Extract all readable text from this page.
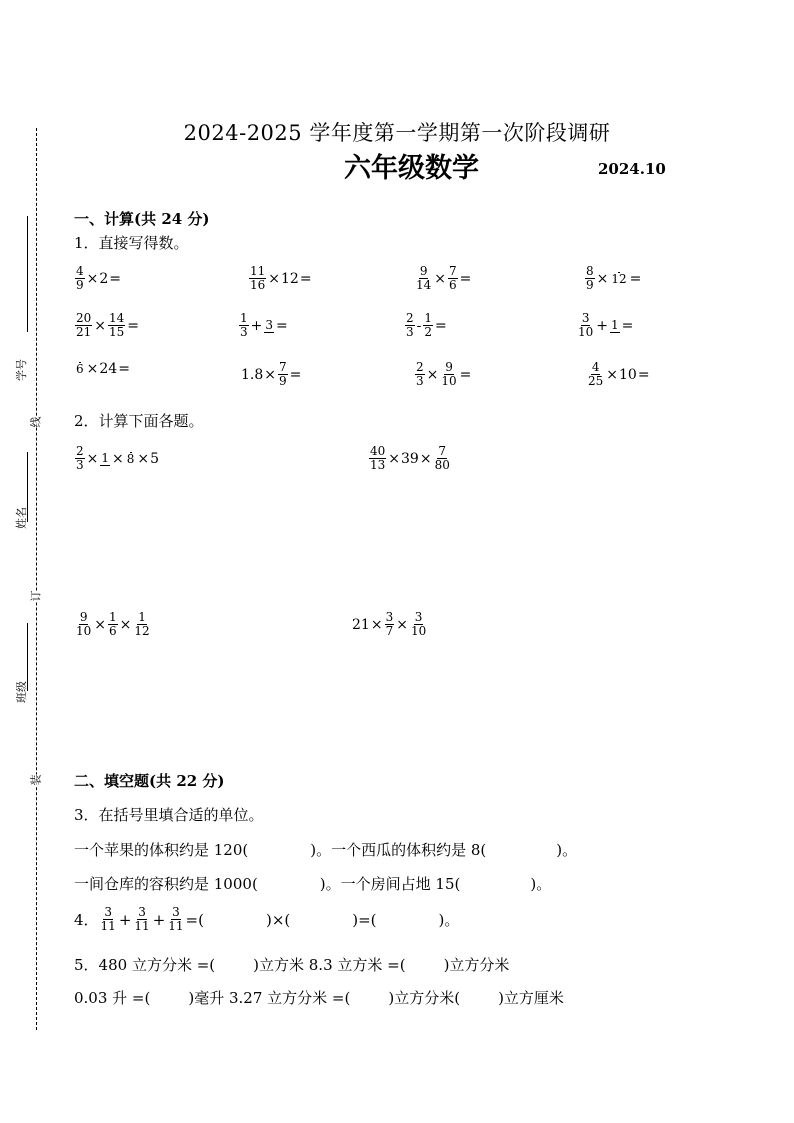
学号
姓名
班级
线
订
装
2024-2025 学年度第一学期第一次阶段调研
六年级数学	2024.10
一、计算(共 24 分)
1．直接写得数。
$\frac{4}{9} \times 2$ =	$\frac{11}{16} \times 12$ =	$\frac{9}{14} \times \frac{7}{6}$ =	$\frac{8}{9} \times 12$ =
$\frac{20}{21} \times \frac{14}{15}$ =	$\frac{1}{3} + 3$ =	$\frac{2}{3} - \frac{1}{2}$ =	$\frac{3}{10} + 1$ =
6 × 24 =	$1.8 \times \frac{7}{9}$ =	$\frac{2}{3} \times \frac{9}{10}$ =	$\frac{4}{25} \times 10$ =
2．计算下面各题。
$\frac{2}{3} \times 1 \times 8 \times 5$	$\frac{40}{13} \times 39 \times \frac{7}{80}$
$\frac{9}{10} \times \frac{1}{6} \times \frac{1}{12}$	$21 \times \frac{3}{7} \times \frac{3}{10}$
二、填空题(共 22 分)
3．在括号里填合适的单位。
一个苹果的体积约是 120(	)。一个西瓜的体积约是 8(	)。
一间仓库的容积约是 1000(	)。一个房间占地 15(	)。
4． $\frac{3}{11} + \frac{3}{11} + \frac{3}{11}$ =(	)×(	)=(	)。
5．480 立方分米 =(	)立方米 8.3 立方米 =(	)立方分米
0.03 升 =(	)毫升 3.27 立方分米 =(	)立方分米(	)立方厘米
